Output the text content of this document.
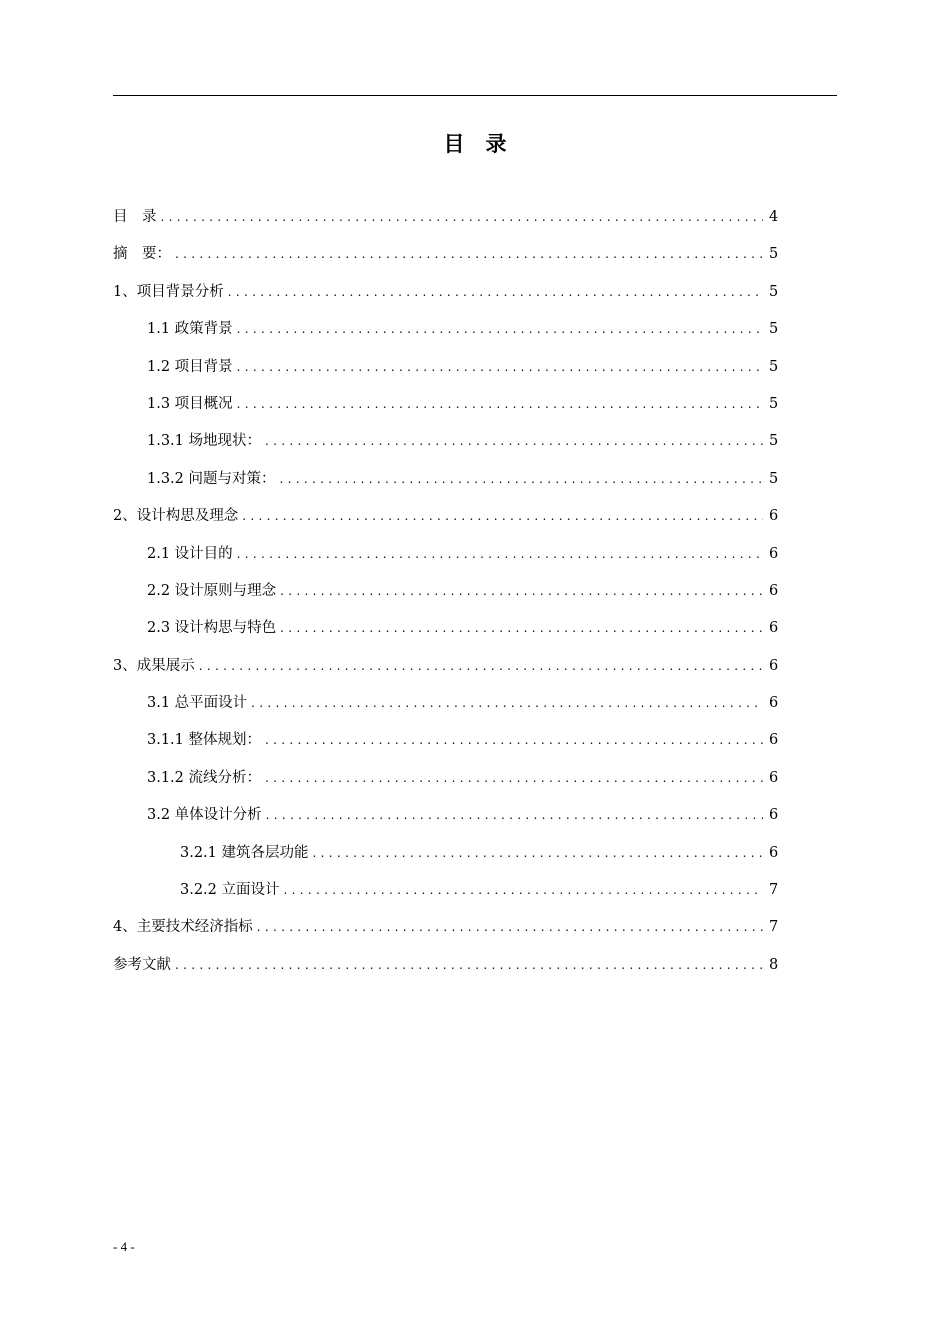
目　录
目　录 .....	4
摘　要： .....	5
1、项目背景分析 .....	5
1.1 政策背景 .....	5
1.2 项目背景 .....	5
1.3 项目概况 .....	5
1.3.1 场地现状： .....	5
1.3.2 问题与对策： .....	5
2、设计构思及理念 .....	6
2.1 设计目的 .....	6
2.2 设计原则与理念 .....	6
2.3 设计构思与特色 .....	6
3、成果展示 .....	6
3.1 总平面设计 .....	6
3.1.1 整体规划： .....	6
3.1.2 流线分析： .....	6
3.2 单体设计分析 .....	6
3.2.1 建筑各层功能 .....	6
3.2.2 立面设计 .....	7
4、主要技术经济指标 .....	7
参考文献 .....	8
- 4 -
